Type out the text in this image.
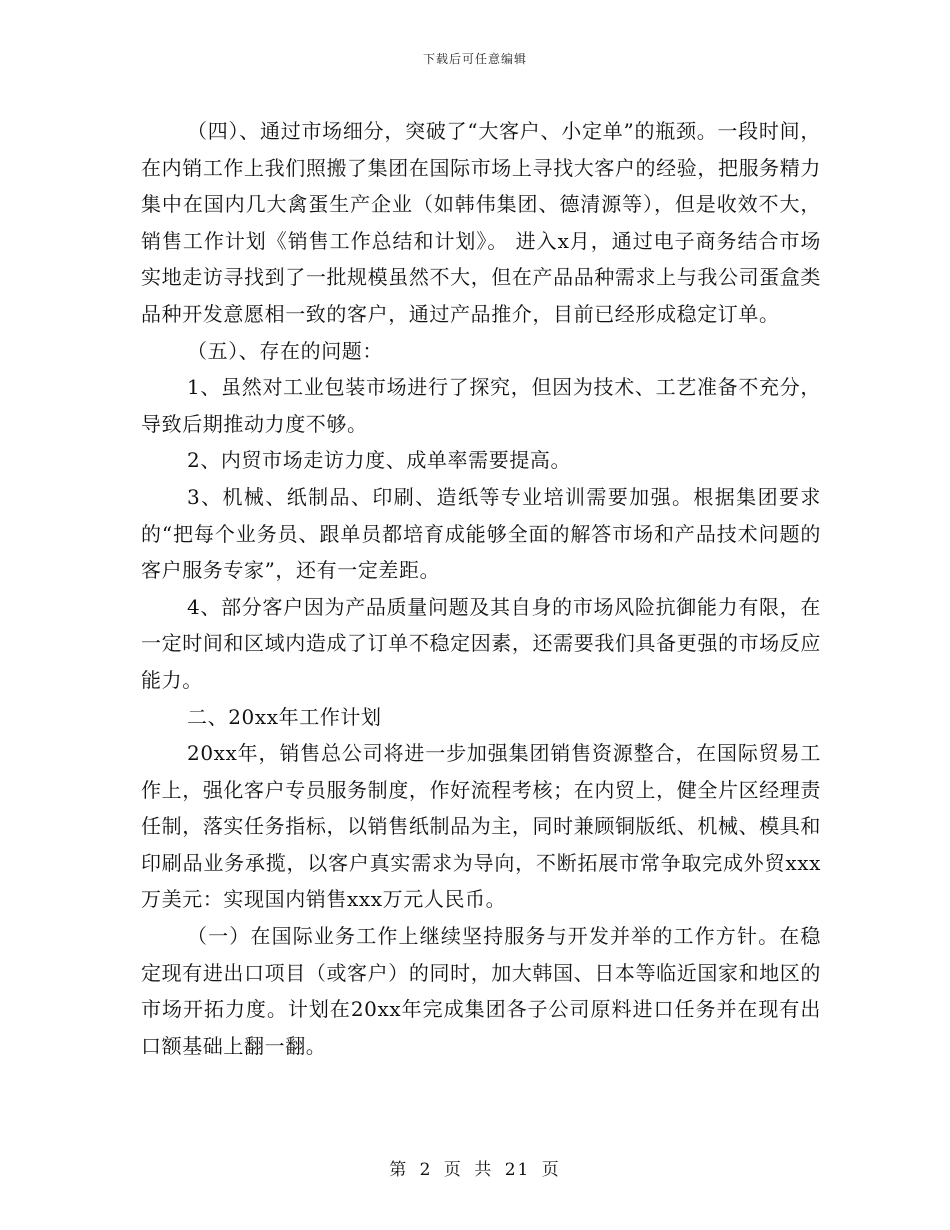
下载后可任意编辑

（四）、通过市场细分，突破了“大客户、小定单”的瓶颈。一段时间，在内销工作上我们照搬了集团在国际市场上寻找大客户的经验，把服务精力集中在国内几大禽蛋生产企业（如韩伟集团、德清源等），但是收效不大，销售工作计划《销售工作总结和计划》。 进入x月，通过电子商务结合市场实地走访寻找到了一批规模虽然不大，但在产品品种需求上与我公司蛋盒类品种开发意愿相一致的客户，通过产品推介，目前已经形成稳定订单。

（五）、存在的问题：

1、虽然对工业包装市场进行了探究，但因为技术、工艺准备不充分，导致后期推动力度不够。

2、内贸市场走访力度、成单率需要提高。

3、机械、纸制品、印刷、造纸等专业培训需要加强。根据集团要求的“把每个业务员、跟单员都培育成能够全面的解答市场和产品技术问题的客户服务专家”，还有一定差距。

4、部分客户因为产品质量问题及其自身的市场风险抗御能力有限，在一定时间和区域内造成了订单不稳定因素，还需要我们具备更强的市场反应能力。

二、20xx年工作计划

20xx年，销售总公司将进一步加强集团销售资源整合，在国际贸易工作上，强化客户专员服务制度，作好流程考核；在内贸上，健全片区经理责任制，落实任务指标，以销售纸制品为主，同时兼顾铜版纸、机械、模具和印刷品业务承揽，以客户真实需求为导向，不断拓展市常争取完成外贸xxx万美元：实现国内销售xxx万元人民币。

（一）在国际业务工作上继续坚持服务与开发并举的工作方针。在稳定现有进出口项目（或客户）的同时，加大韩国、日本等临近国家和地区的市场开拓力度。计划在20xx年完成集团各子公司原料进口任务并在现有出口额基础上翻一翻。

第 2 页 共 21 页
